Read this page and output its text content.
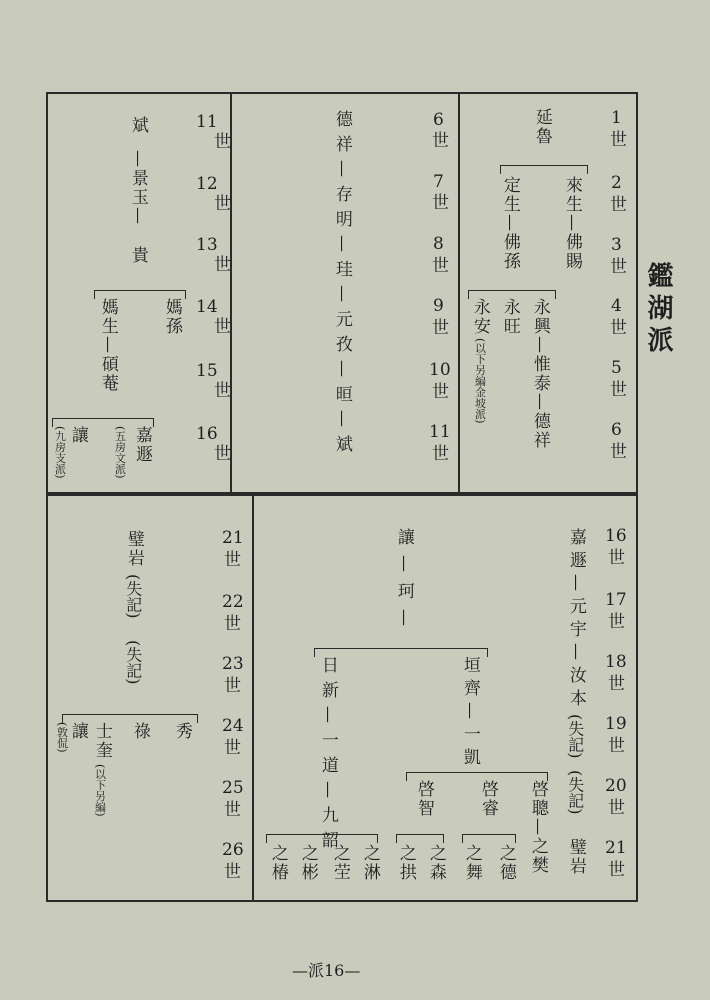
鑑湖派
1
世
2
世
3
世
4
世
5
世
6
世
延魯
來生—佛賜
定生—佛孫
永興—惟泰—德祥
永旺
永安
(以下另編金坡派)
6
世
7
世
8
世
9
世
10
世
11
世
德祥—存明—珪—元孜—晅—斌
11
世
12
世
13
世
14
世
15
世
16
世
斌
—景玉—
貴
媽孫
媽生—碩菴
嘉遯
(五房文派)
讓
(九房支派)
16
世
17
世
18
世
19
世
20
世
21
世
嘉遯—元宇—汝本
(失記)
(失記)
璧岩
讓—珂—
垣齊—一凱
日新—一道—九韶	啓聰—之樊
啓睿
啓智
之德
之舞
之森
之拱
之淋
之茔
之彬
之椿
21
世
22
世
23
世
24
世
25
世
26
世
璧岩
(失記)
(失記)
秀
祿
士奎
(以下另編)
讓
(敦侃)
—派16—
